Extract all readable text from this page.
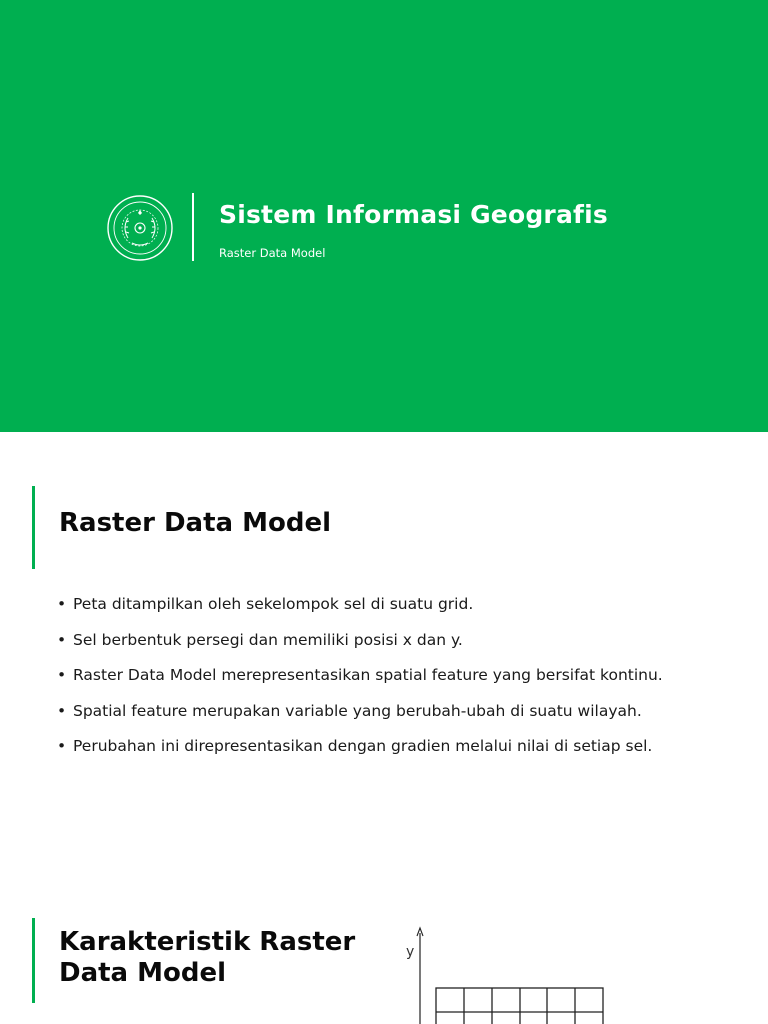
Sistem Informasi Geografis
Raster Data Model
Raster Data Model
• Peta ditampilkan oleh sekelompok sel di suatu grid.
• Sel berbentuk persegi dan memiliki posisi x dan y.
• Raster Data Model merepresentasikan spatial feature yang bersifat kontinu.
• Spatial feature merupakan variable yang berubah-ubah di suatu wilayah.
• Perubahan ini direpresentasikan dengan gradien melalui nilai di setiap sel.
Karakteristik Raster
Data Model
y
